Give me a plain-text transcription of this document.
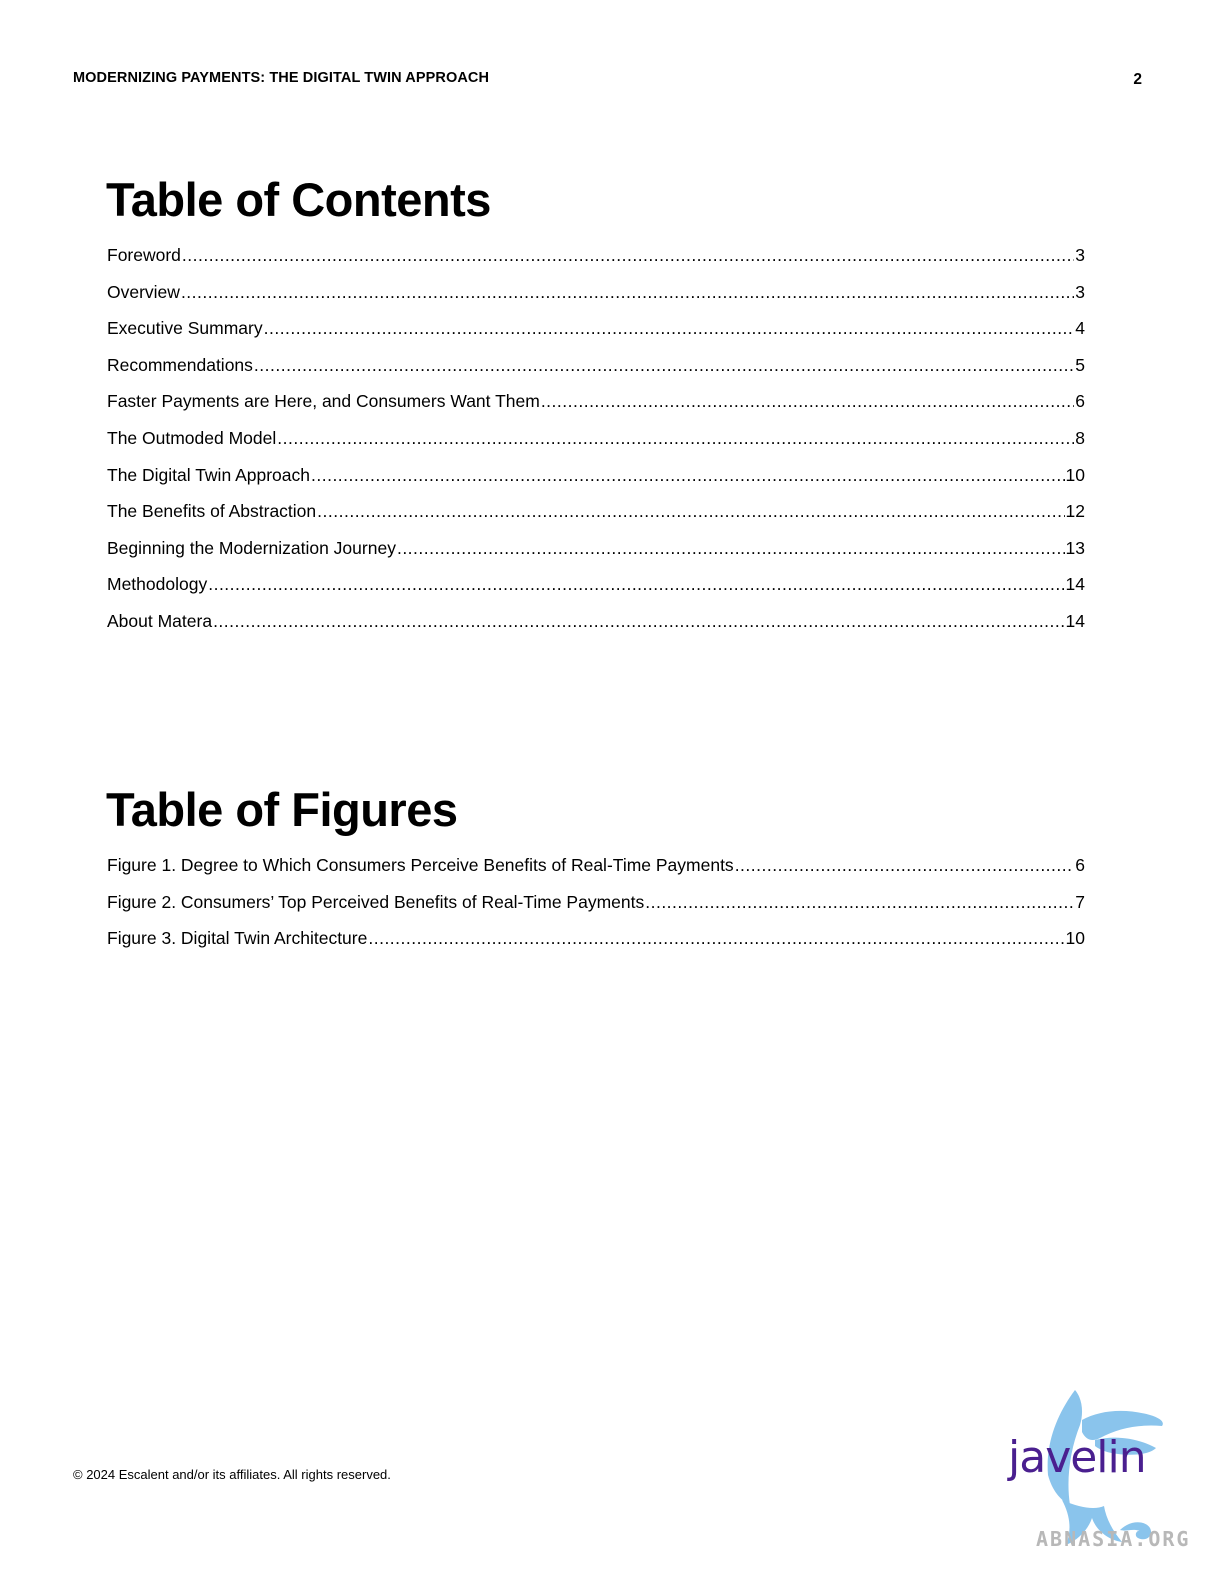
MODERNIZING PAYMENTS: THE DIGITAL TWIN APPROACH	2
Table of Contents
Foreword .....	3
Overview .....	3
Executive Summary .....	4
Recommendations .....	5
Faster Payments are Here, and Consumers Want Them .....	6
The Outmoded Model .....	8
The Digital Twin Approach .....	10
The Benefits of Abstraction .....	12
Beginning the Modernization Journey .....	13
Methodology .....	14
About Matera .....	14
Table of Figures
Figure 1. Degree to Which Consumers Perceive Benefits of Real-Time Payments .....	6
Figure 2. Consumers’ Top Perceived Benefits of Real-Time Payments .....	7
Figure 3. Digital Twin Architecture .....	10
© 2024 Escalent and/or its affiliates. All rights reserved.	javelin
ABNASIA.ORG
